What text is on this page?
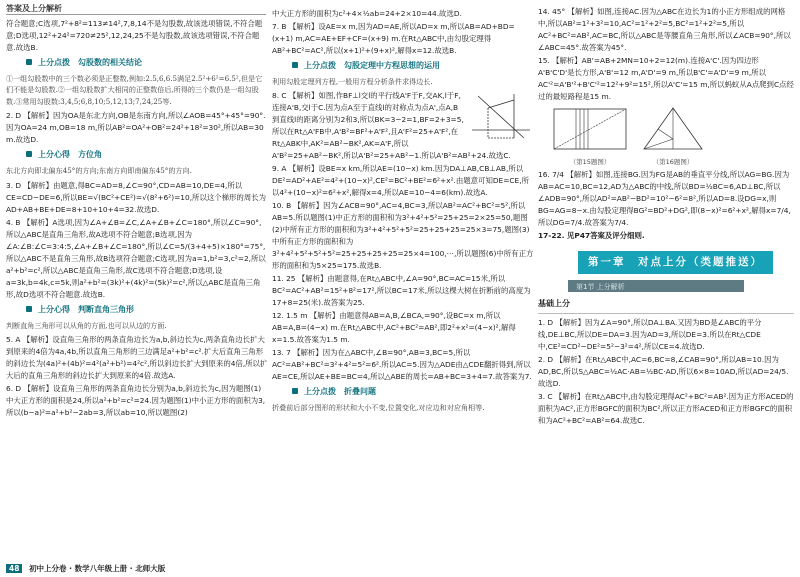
答案及上分解析

符合题意;C选项,7²+8²=113≠14²,7,8,14不是勾股数,故该选项错误,不符合题意;D选项,12²+24²=720≠25²,12,24,25不是勾股数,故该选项错误,不符合题意.故选B.

上分点拨　勾股数的相关结论

①一组勾股数中的三个数必须是正整数,例如:2.5,6,6.5满足2.5²+6²=6.5²,但是它们不能是勾股数.②一组勾股数扩大相同的正整数倍后,所得的三个数仍是一组勾股数.③常用勾股数:3,4,5;6,8,10;5,12,13;7,24,25等.

2. D 【解析】因为OA是东北方向,OB是东南方向,所以∠AOB=45°+45°=90°.因为OA=24 m,OB=18 m,所以AB²=OA²+OB²=24²+18²=30²,所以AB=30 m.故选D.

上分心得　方位角

东北方向即北偏东45°的方向;东南方向即南偏东45°的方向.

3. D 【解析】由题意,得BC=AD=8,∠C=90°,CD=AB=10,DE=4,所以CE=CD−DE=6,所以BE=√(BC²+CE²)=√(8²+6²)=10,所以这个梯形的周长为AD+AB+BE+DE=8+10+10+4=32.故选D.

4. B 【解析】A选项,因为∠A+∠B=∠C,∠A+∠B+∠C=180°,所以∠C=90°,所以△ABC是直角三角形,故A选项不符合题意;B选项,因为∠A:∠B:∠C=3:4:5,∠A+∠B+∠C=180°,所以∠C=5/(3+4+5)×180°=75°,所以△ABC不是直角三角形,故B选项符合题意;C选项,因为a=1,b²=3,c²=2,所以a²+b²=c²,所以△ABC是直角三角形,故C选项不符合题意;D选项,设a=3k,b=4k,c=5k,则a²+b²=(3k)²+(4k)²=(5k)²=c²,所以△ABC是直角三角形,故D选项不符合题意.故选B.

上分心得　判断直角三角形

判断直角三角形可以从角的方面,也可以从边的方面.

5. A 【解析】设直角三角形的两条直角边长为a,b,斜边长为c,两条直角边长扩大到原来的4倍为4a,4b,所以直角三角形的三边满足a²+b²=c².扩大后直角三角形的斜边长为(4a)²+(4b)²=4²(a²+b²)=4²c²,所以斜边长扩大到原来的4倍,所以扩大后的直角三角形的斜边长扩大到原来的4倍.故选A.

6. D 【解析】设直角三角形的两条直角边长分别为a,b,斜边长为c,因为题图(1)中大正方形的面积是24,所以a²+b²=c²=24.因为题图(1)中小正方形的面积为3,所以(b−a)²=a²+b²−2ab=3,所以ab=10,所以题图(2)

中大正方形的面积为c²+4×½ab=24+2×10=44.故选D.

7. B 【解析】设AE=x m,因为AD=AE,所以AD=x m,所以AB=AD+BD=(x+1) m,AC=AE+EF+CF=(x+9) m.在Rt△ABC中,由勾股定理得AB²+BC²=AC²,所以(x+1)²+(9+x)²,解得x=12.故选B.

上分点拨　勾股定理中方程思想的运用

利用勾股定理列方程,一般用方程分析条件求得边长.

8. C 【解析】如图,作BF⊥l交l的平行线A'F于F,交AK,l于F,连接A'B,交l于C.因为点A至于直线l的对称点为点A',点A,B到直线l的距离分别为2和3,所以BK=3−2=1,BF=2+3=5,所以在Rt△A'FB中,A'B²=BF²+A'F²,且A'F²=25+A'F²,在Rt△ABK中,AK²=AB²−BK²,AK=A'F,所以A'B²=25+AB²−BK²,所以A'B²=25+AB²−1.所以A'B²=AB²+24.故选C.

9. A 【解析】设BE=x km,所以AE=(10−x) km.因为DA⊥AB,CB⊥AB,所以DE²=AD²+AE²=4²+(10−x)²,CE²=BC²+BE²=6²+x².由题意可知DE=CE,所以4²+(10−x)²=6²+x²,解得x=4,所以AE=10−4=6(km).故选A.

10. B 【解析】因为∠ACB=90°,AC=4,BC=3,所以AB²=AC²+BC²=5²,所以AB=5.所以题图(1)中正方形的面积和为3²+4²+5²=25+25=2×25=50,题图(2)中所有正方形的面积和为3²+4²+5²+5²=25+25+25=25×3=75,题图(3)中所有正方形的面积和为3²+4²+5²+5²+5²=25+25+25+25=25×4=100,⋯,所以题图(6)中所有正方形的面积和为5×25=175.故选B.

11. 25 【解析】由题意得,在Rt△ABC中,∠A=90°,BC=AC=15米,所以BC²=AC²+AB²=15²+8²=17²,所以BC=17米,所以这棵大树在折断前的高度为17+8=25(米).故答案为25.

12. 1.5 m 【解析】由题意得AB=A,B,∠BCA,=90°,设BC=x m,所以AB=A,B=(4−x) m.在Rt△ABC中,AC²+BC²=AB²,即2²+x²=(4−x)²,解得x=1.5.故答案为1.5 m.

13. 7 【解析】因为在△ABC中,∠B=90°,AB=3,BC=5,所以AC²=AB²+BC²=3²+4²=5²=6².所以AC=5.因为△ADE由△CDE翻折得到,所以AE=CE,所以AE+BE=BC=4,所以△ABE的周长=AB+BC=3+4=7.故答案为7.

上分点拨　折叠问题

折叠前后部分图形的形状和大小不变,位置变化,对应边和对应角相等.

14. 45° 【解析】如图,连接AC.因为△ABC在边长为1的小正方形组成的网格中,所以AB²=1²+3²=10,AC²=1²+2²=5,BC²=1²+2²=5,所以AC²+BC²=AB²,AC=BC,所以△ABC是等腰直角三角形,所以∠ACB=90°,所以∠ABC=45°.故答案为45°.

15. 【解析】AB'=AB+2MN=10+2=12(m).连接A'C'.因为四边形A'B'C'D'是长方形,A'B'=12 m,A'D'=9 m,所以B'C'=A'D'=9 m,所以AC'²=A'B'²+B'C'²=12²+9²=15²,所以A'C'=15 m,所以蚂蚁从A点爬到C点经过的最短路程是15 m.

（第15题图）	（第16题图）

16. 7/4 【解析】如图,连接BG.因为FG是AB的垂直平分线,所以AG=BG.因为AB=AC=10,BC=12,AD为△ABC的中线,所以BD=½BC=6,AD⊥BC,所以∠ADB=90°,所以AD²=AB²−BD²=10²−6²=8²,所以AD=8.设DG=x,则BG=AG=8−x.由勾股定理得BG²=BD²+DG²,即(8−x)²=6²+x²,解得x=7/4,所以DG=7/4.故答案为7/4.

17-22. 见P47答案及评分细则.

第一章　对点上分（类题推送）
第1节 上分解析
基础上分

1. D 【解析】因为∠A=90°,所以DA⊥BA.又因为BD是∠ABC的平分线,DE⊥BC,所以DE=DA=3.因为AD=3,所以DE=3.所以在Rt△CDE中,CE²=CD²−DE²=5²−3²=4²,所以CE=4.故选D.

2. D 【解析】在Rt△ABC中,AC=6,BC=8,∠CAB=90°,所以AB=10.因为AD,BC,所以S△ABC=½AC·AB=½BC·AD,所以6×8=10AD,所以AD=24/5.故选D.

3. C 【解析】在Rt△ABC中,由勾股定理得AC²+BC²=AB².因为正方形ACED的面积为AC²,正方形BGFC的面积为BC²,所以正方形ACED和正方形BGFC的面积和为AC²+BC²=AB²=64.故选C.

48 初中上分卷 · 数学八年级上册 · 北师大版
